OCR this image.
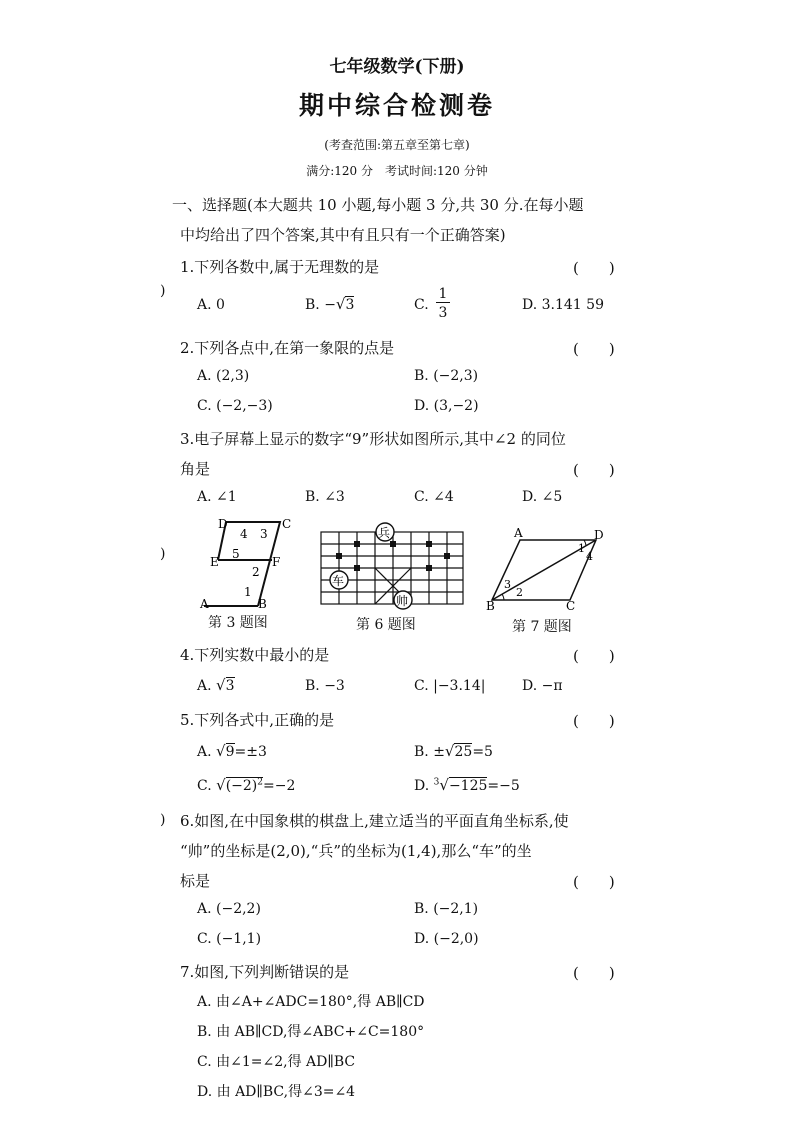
七年级数学(下册)
期中综合检测卷
(考查范围:第五章至第七章)
满分:120 分　考试时间:120 分钟
一、选择题(本大题共 10 小题,每小题 3 分,共 30 分.在每小题
中均给出了四个答案,其中有且只有一个正确答案)
)
)
)
1.下列各数中,属于无理数的是	(　　)
A. 0	B. −√3	C.
1
3	D. 3.141 59
2.下列各点中,在第一象限的点是	(　　)
A. (2,3)	B. (−2,3)
C. (−2,−3)	D. (3,−2)
3.电子屏幕上显示的数字“9”形状如图所示,其中∠2 的同位
角是	(　　)
A. ∠1	B. ∠3	C. ∠4	D. ∠5
D	C
4 3
5
E	F
2
1
A	B
第 3 题图
兵
车
帅
第 6 题图
A	D
1
4
3
2
B	C
第 7 题图
4.下列实数中最小的是	(　　)
A. √3	B. −3	C. |−3.14|	D. −π
5.下列各式中,正确的是	(　　)
A. √9=±3	B. ±√25=5
C. $√(-2)^2=-2$	D. $^3$√−125=−5
6.如图,在中国象棋的棋盘上,建立适当的平面直角坐标系,使
“帅”的坐标是(2,0),“兵”的坐标为(1,4),那么“车”的坐
标是	(　　)
A. (−2,2)	B. (−2,1)
C. (−1,1)	D. (−2,0)
7.如图,下列判断错误的是	(　　)
A. 由∠A+∠ADC=180°,得 AB∥CD
B. 由 AB∥CD,得∠ABC+∠C=180°
C. 由∠1=∠2,得 AD∥BC
D. 由 AD∥BC,得∠3=∠4
